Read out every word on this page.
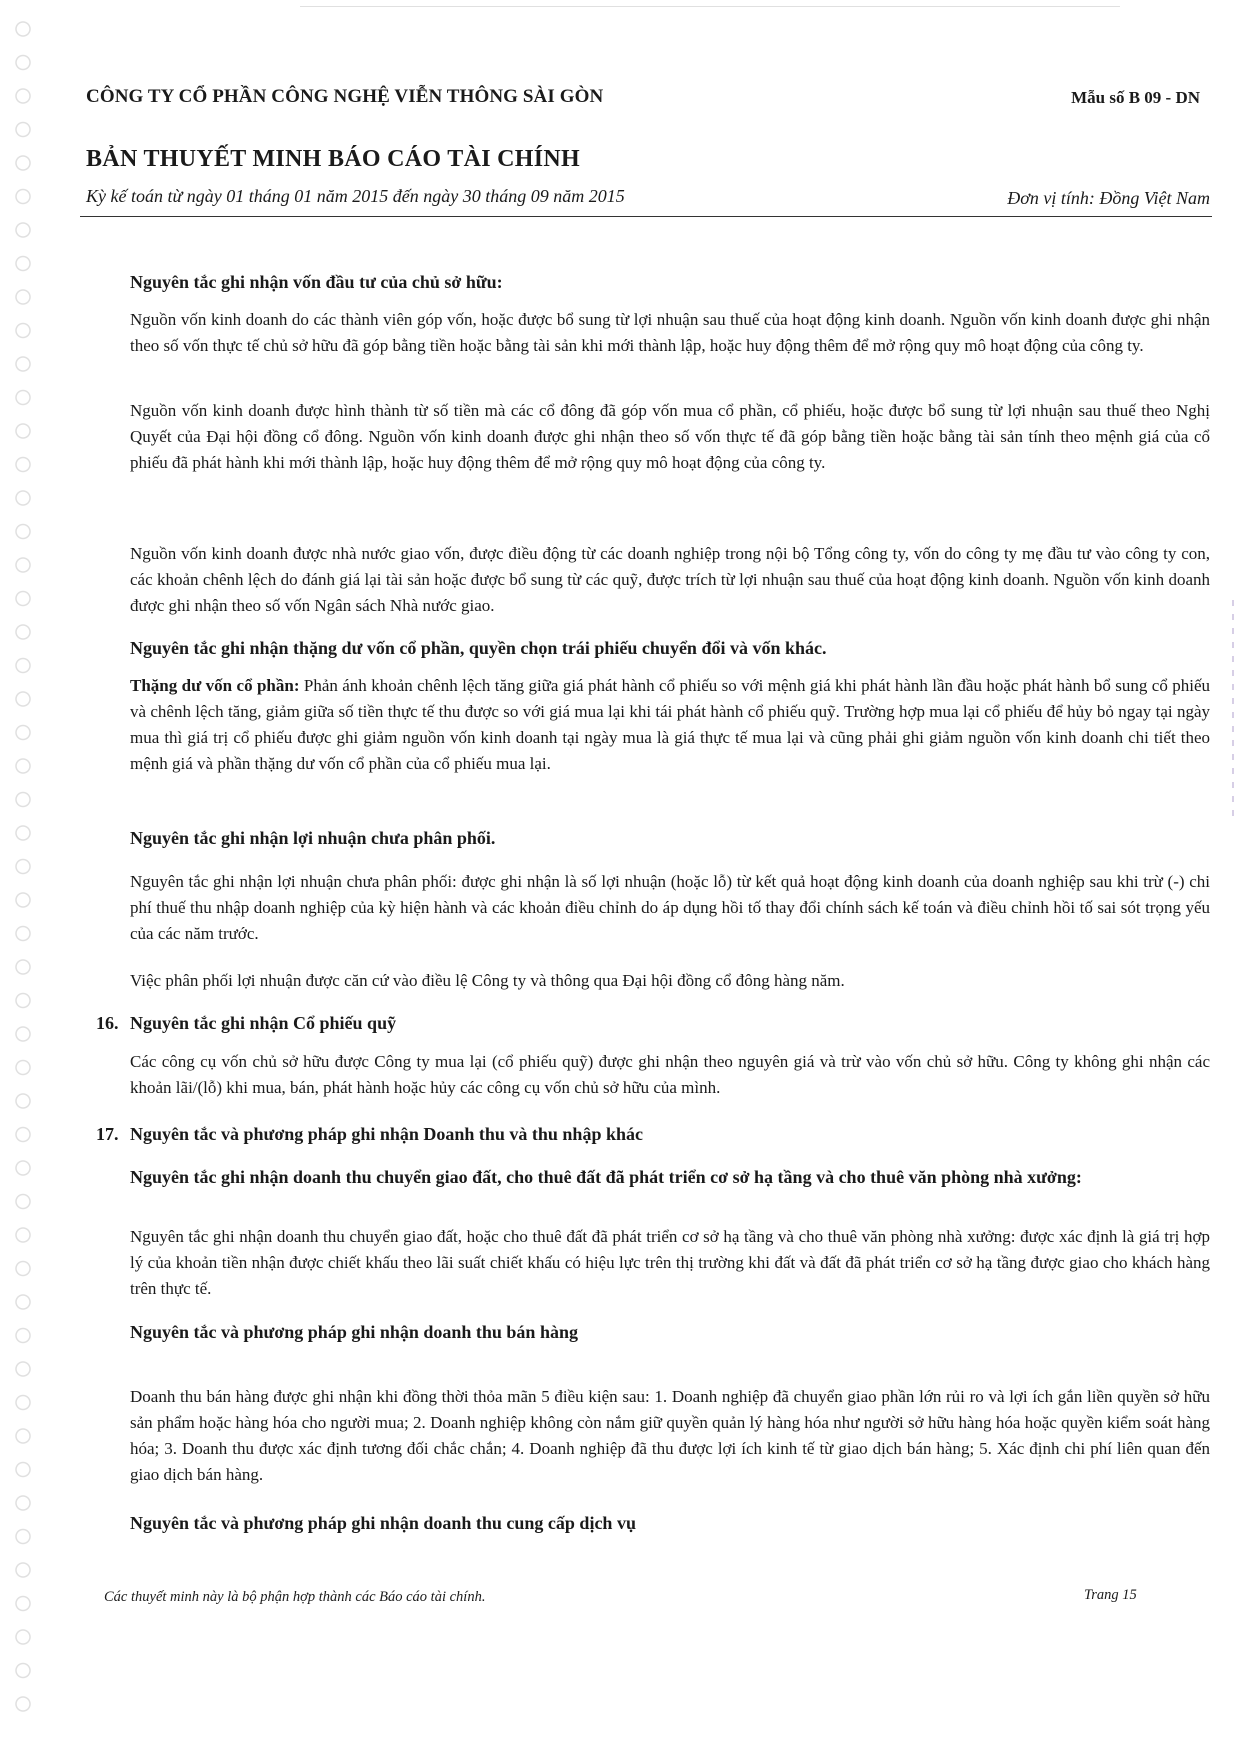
CÔNG TY CỔ PHẦN CÔNG NGHỆ VIỄN THÔNG SÀI GÒN	Mẫu số B 09 - DN
BẢN THUYẾT MINH BÁO CÁO TÀI CHÍNH
Kỳ kế toán từ ngày 01 tháng 01 năm 2015 đến ngày 30 tháng 09 năm 2015	Đơn vị tính: Đồng Việt Nam
Nguyên tắc ghi nhận vốn đầu tư của chủ sở hữu:
Nguồn vốn kinh doanh do các thành viên góp vốn, hoặc được bổ sung từ lợi nhuận sau thuế của hoạt động kinh doanh. Nguồn vốn kinh doanh được ghi nhận theo số vốn thực tế chủ sở hữu đã góp bằng tiền hoặc bằng tài sản khi mới thành lập, hoặc huy động thêm để mở rộng quy mô hoạt động của công ty.
Nguồn vốn kinh doanh được hình thành từ số tiền mà các cổ đông đã góp vốn mua cổ phần, cổ phiếu, hoặc được bổ sung từ lợi nhuận sau thuế theo Nghị Quyết của Đại hội đồng cổ đông. Nguồn vốn kinh doanh được ghi nhận theo số vốn thực tế đã góp bằng tiền hoặc bằng tài sản tính theo mệnh giá của cổ phiếu đã phát hành khi mới thành lập, hoặc huy động thêm để mở rộng quy mô hoạt động của công ty.
Nguồn vốn kinh doanh được nhà nước giao vốn, được điều động từ các doanh nghiệp trong nội bộ Tổng công ty, vốn do công ty mẹ đầu tư vào công ty con, các khoản chênh lệch do đánh giá lại tài sản hoặc được bổ sung từ các quỹ, được trích từ lợi nhuận sau thuế của hoạt động kinh doanh. Nguồn vốn kinh doanh được ghi nhận theo số vốn Ngân sách Nhà nước giao.
Nguyên tắc ghi nhận thặng dư vốn cổ phần, quyền chọn trái phiếu chuyển đổi và vốn khác.
Thặng dư vốn cổ phần: Phản ánh khoản chênh lệch tăng giữa giá phát hành cổ phiếu so với mệnh giá khi phát hành lần đầu hoặc phát hành bổ sung cổ phiếu và chênh lệch tăng, giảm giữa số tiền thực tế thu được so với giá mua lại khi tái phát hành cổ phiếu quỹ. Trường hợp mua lại cổ phiếu để hủy bỏ ngay tại ngày mua thì giá trị cổ phiếu được ghi giảm nguồn vốn kinh doanh tại ngày mua là giá thực tế mua lại và cũng phải ghi giảm nguồn vốn kinh doanh chi tiết theo mệnh giá và phần thặng dư vốn cổ phần của cổ phiếu mua lại.
Nguyên tắc ghi nhận lợi nhuận chưa phân phối.
Nguyên tắc ghi nhận lợi nhuận chưa phân phối: được ghi nhận là số lợi nhuận (hoặc lỗ) từ kết quả hoạt động kinh doanh của doanh nghiệp sau khi trừ (-) chi phí thuế thu nhập doanh nghiệp của kỳ hiện hành và các khoản điều chỉnh do áp dụng hồi tố thay đổi chính sách kế toán và điều chỉnh hồi tố sai sót trọng yếu của các năm trước.
Việc phân phối lợi nhuận được căn cứ vào điều lệ Công ty và thông qua Đại hội đồng cổ đông hàng năm.
16. Nguyên tắc ghi nhận Cổ phiếu quỹ
Các công cụ vốn chủ sở hữu được Công ty mua lại (cổ phiếu quỹ) được ghi nhận theo nguyên giá và trừ vào vốn chủ sở hữu. Công ty không ghi nhận các khoản lãi/(lỗ) khi mua, bán, phát hành hoặc hủy các công cụ vốn chủ sở hữu của mình.
17. Nguyên tắc và phương pháp ghi nhận Doanh thu và thu nhập khác
Nguyên tắc ghi nhận doanh thu chuyển giao đất, cho thuê đất đã phát triển cơ sở hạ tầng và cho thuê văn phòng nhà xưởng:
Nguyên tắc ghi nhận doanh thu chuyển giao đất, hoặc cho thuê đất đã phát triển cơ sở hạ tầng và cho thuê văn phòng nhà xưởng: được xác định là giá trị hợp lý của khoản tiền nhận được chiết khấu theo lãi suất chiết khấu có hiệu lực trên thị trường khi đất và đất đã phát triển cơ sở hạ tầng được giao cho khách hàng trên thực tế.
Nguyên tắc và phương pháp ghi nhận doanh thu bán hàng
Doanh thu bán hàng được ghi nhận khi đồng thời thỏa mãn 5 điều kiện sau: 1. Doanh nghiệp đã chuyển giao phần lớn rủi ro và lợi ích gắn liền quyền sở hữu sản phẩm hoặc hàng hóa cho người mua; 2. Doanh nghiệp không còn nắm giữ quyền quản lý hàng hóa như người sở hữu hàng hóa hoặc quyền kiểm soát hàng hóa; 3. Doanh thu được xác định tương đối chắc chắn; 4. Doanh nghiệp đã thu được lợi ích kinh tế từ giao dịch bán hàng; 5. Xác định chi phí liên quan đến giao dịch bán hàng.
Nguyên tắc và phương pháp ghi nhận doanh thu cung cấp dịch vụ
Các thuyết minh này là bộ phận hợp thành các Báo cáo tài chính.	Trang 15
